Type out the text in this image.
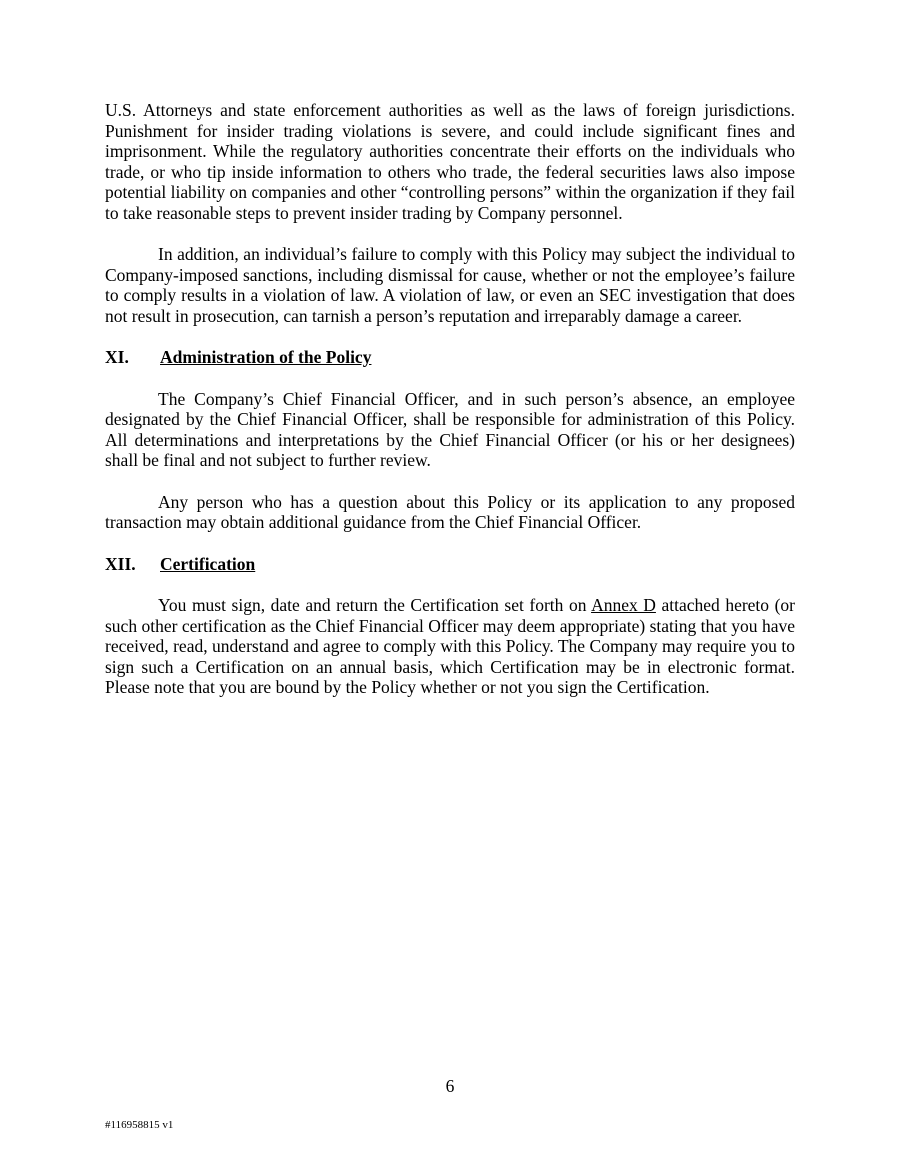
U.S. Attorneys and state enforcement authorities as well as the laws of foreign jurisdictions. Punishment for insider trading violations is severe, and could include significant fines and imprisonment. While the regulatory authorities concentrate their efforts on the individuals who trade, or who tip inside information to others who trade, the federal securities laws also impose potential liability on companies and other “controlling persons” within the organization if they fail to take reasonable steps to prevent insider trading by Company personnel.

In addition, an individual’s failure to comply with this Policy may subject the individual to Company-imposed sanctions, including dismissal for cause, whether or not the employee’s failure to comply results in a violation of law. A violation of law, or even an SEC investigation that does not result in prosecution, can tarnish a person’s reputation and irreparably damage a career.

XI. Administration of the Policy

The Company’s Chief Financial Officer, and in such person’s absence, an employee designated by the Chief Financial Officer, shall be responsible for administration of this Policy. All determinations and interpretations by the Chief Financial Officer (or his or her designees) shall be final and not subject to further review.

Any person who has a question about this Policy or its application to any proposed transaction may obtain additional guidance from the Chief Financial Officer.

XII. Certification

You must sign, date and return the Certification set forth on Annex D attached hereto (or such other certification as the Chief Financial Officer may deem appropriate) stating that you have received, read, understand and agree to comply with this Policy. The Company may require you to sign such a Certification on an annual basis, which Certification may be in electronic format. Please note that you are bound by the Policy whether or not you sign the Certification.

6
#116958815 v1
